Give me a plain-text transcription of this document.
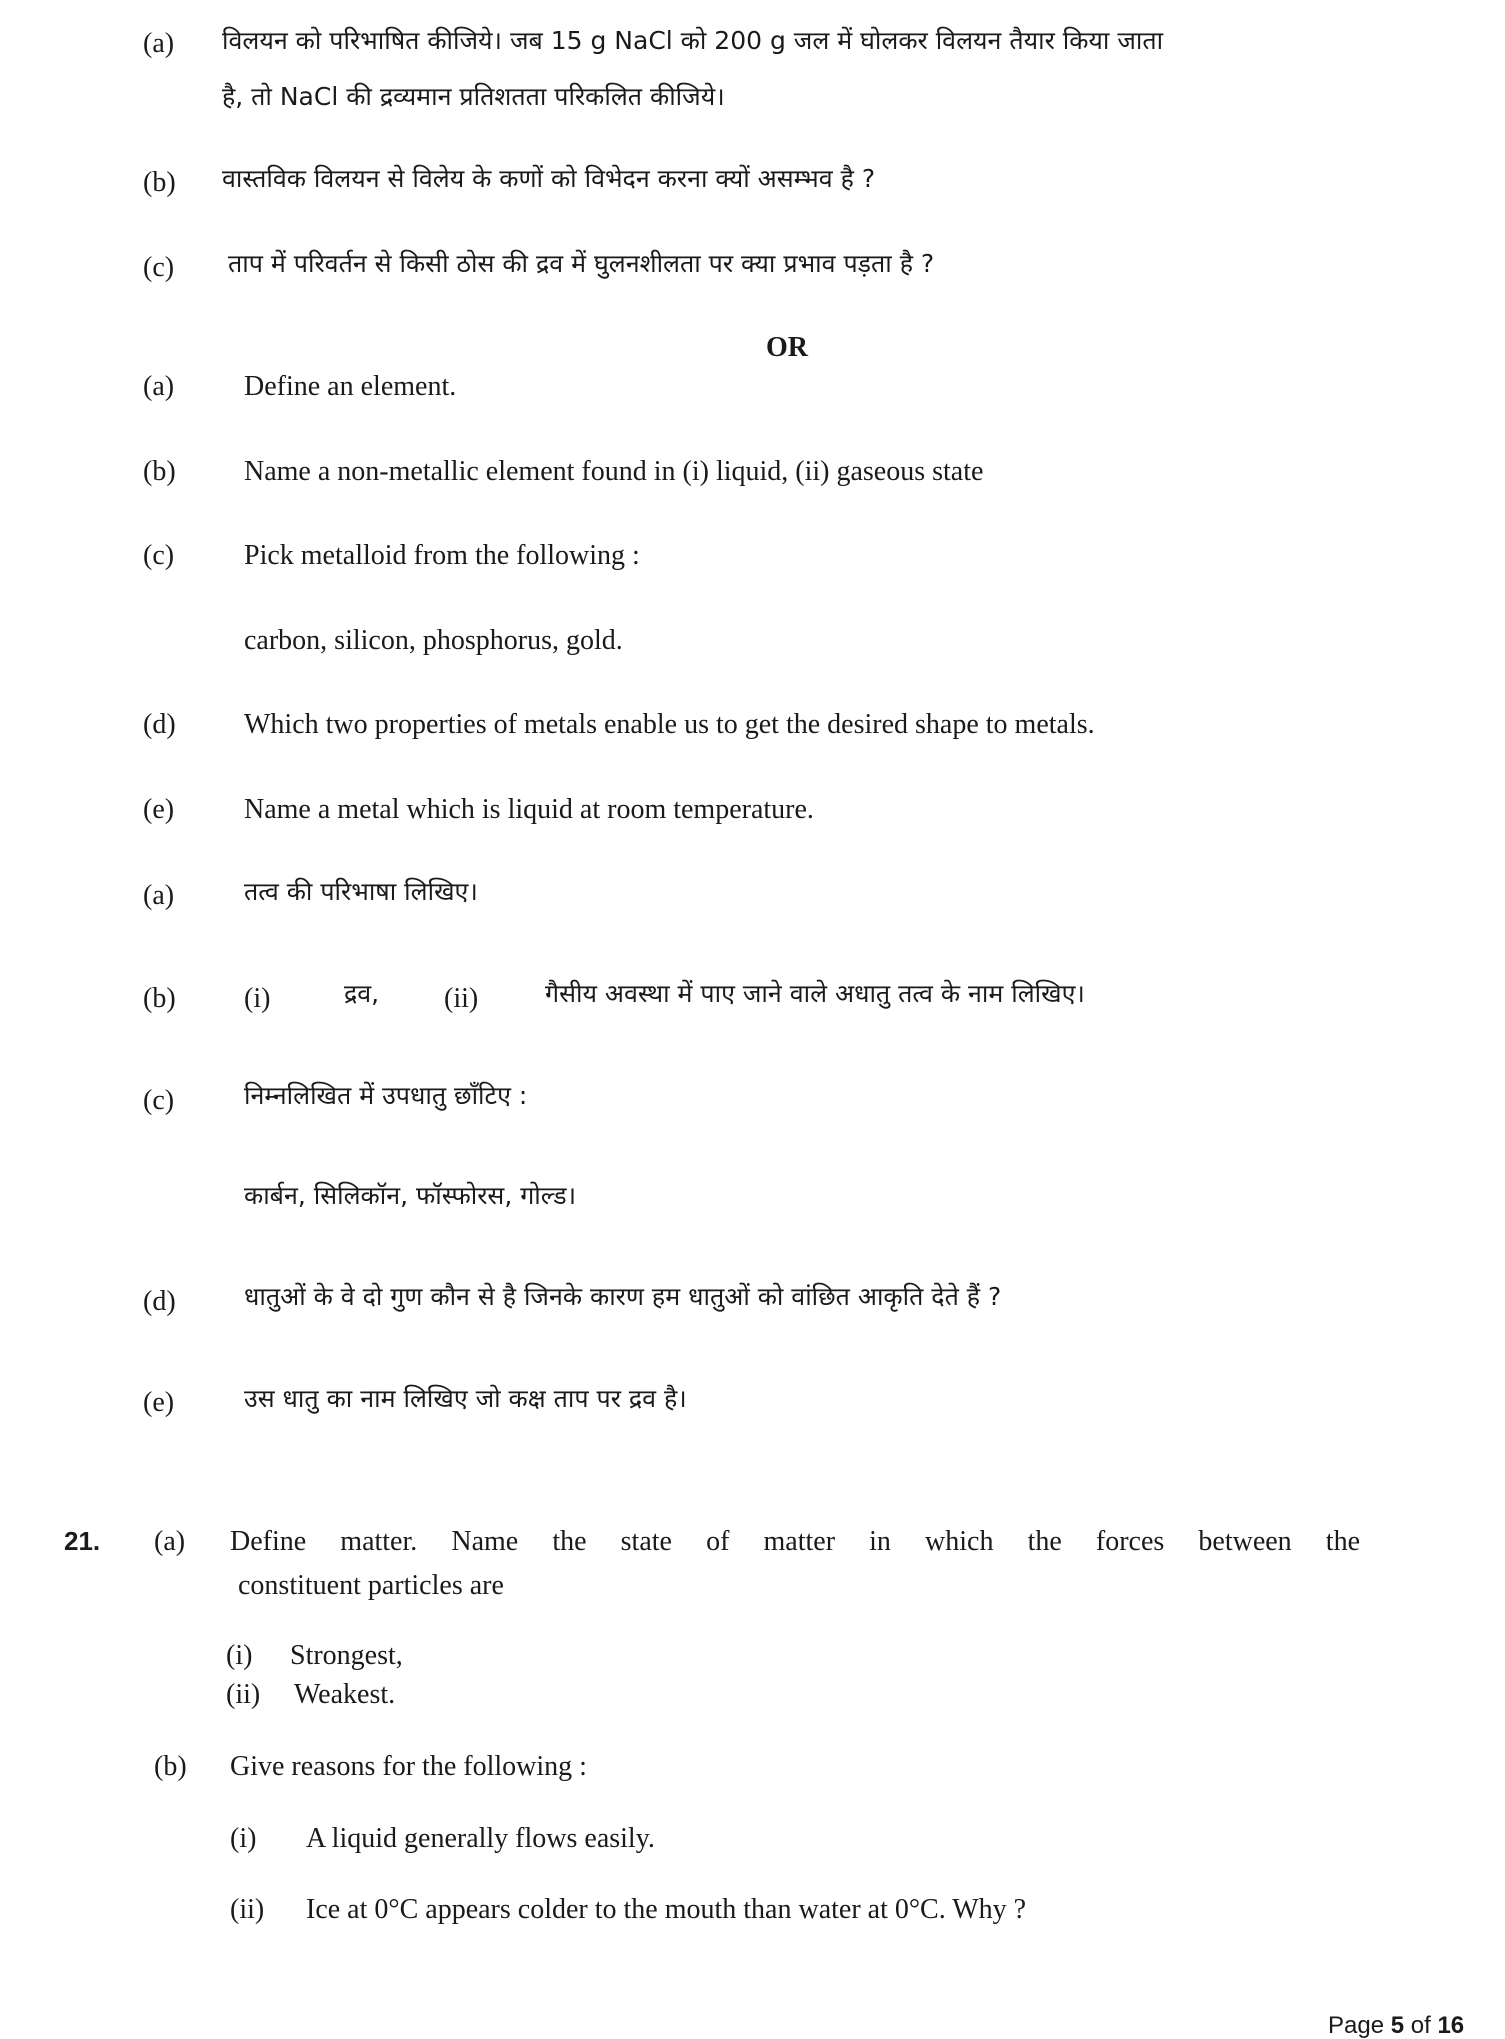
(a) विलयन को परिभाषित कीजिये। जब 15 g NaCl को 200 g जल में घोलकर विलयन तैयार किया जाता
है, तो NaCl की द्रव्यमान प्रतिशतता परिकलित कीजिये।
(b) वास्तविक विलयन से विलेय के कणों को विभेदन करना क्यों असम्भव है ?
(c) ताप में परिवर्तन से किसी ठोस की द्रव में घुलनशीलता पर क्या प्रभाव पड़ता है ?
OR
(a) Define an element.
(b) Name a non-metallic element found in (i) liquid, (ii) gaseous state
(c) Pick metalloid from the following :
carbon, silicon, phosphorus, gold.
(d) Which two properties of metals enable us to get the desired shape to metals.
(e) Name a metal which is liquid at room temperature.
(a)	तत्व की परिभाषा लिखिए।
(b) (i)	द्रव, (ii)	गैसीय अवस्था में पाए जाने वाले अधातु तत्व के नाम लिखिए।
(c)	निम्नलिखित में उपधातु छाँटिए :
कार्बन, सिलिकॉन, फॉस्फोरस, गोल्ड।
(d)	धातुओं के वे दो गुण कौन से है जिनके कारण हम धातुओं को वांछित आकृति देते हैं ?
(e)	उस धातु का नाम लिखिए जो कक्ष ताप पर द्रव है।
21. (a) Define matter. Name the state of matter in which the forces between the
constituent particles are
(i) Strongest,
(ii) Weakest.
(b) Give reasons for the following :
(i) A liquid generally flows easily.
(ii) Ice at 0°C appears colder to the mouth than water at 0°C. Why ?
Page 5 of 16
